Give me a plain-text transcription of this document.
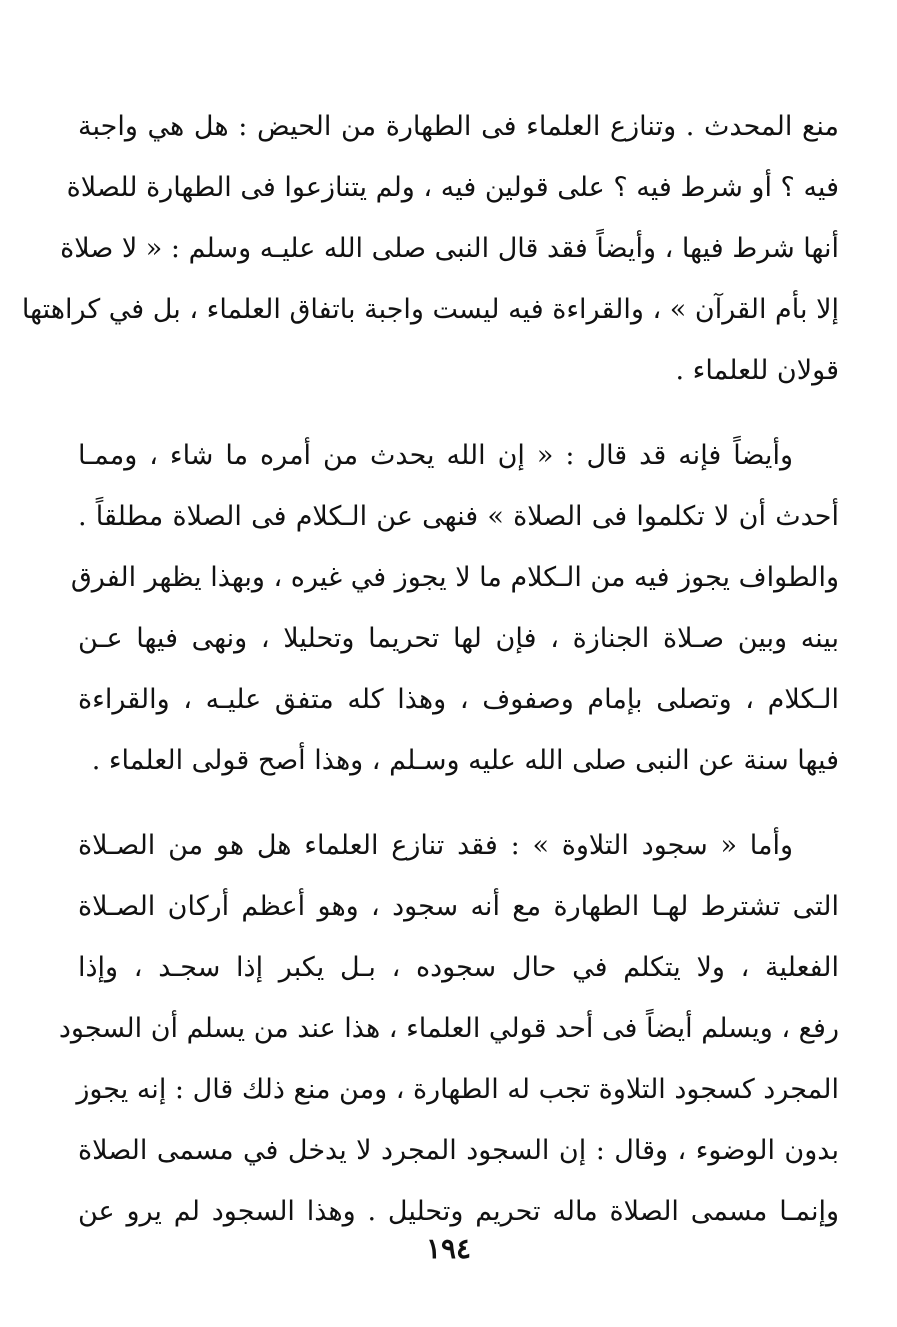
منع المحدث . وتنازع العلماء فى الطهارة من الحيض : هل هي واجبة
فيه ؟ أو شرط فيه ؟ على قولين فيه ، ولم يتنازعوا فى الطهارة للصلاة
أنها شرط فيها ، وأيضاً فقد قال النبى صلى الله عليـه وسلم : « لا صلاة
إلا بأم القرآن » ، والقراءة فيه ليست واجبة باتفاق العلماء ، بل في كراهتها
قولان للعلماء .

وأيضاً فإنه قد قال : « إن الله يحدث من أمره ما شاء ، وممـا
أحدث أن لا تكلموا فى الصلاة » فنهى عن الـكلام فى الصلاة مطلقاً .
والطواف يجوز فيه من الـكلام ما لا يجوز في غيره ، وبهذا يظهر الفرق
بينه وبين صـلاة الجنازة ، فإن لها تحريما وتحليلا ، ونهى فيها عـن
الـكلام ، وتصلى بإمام وصفوف ، وهذا كله متفق عليـه ، والقراءة
فيها سنة عن النبى صلى الله عليه وسـلم ، وهذا أصح قولى العلماء .

وأما « سجود التلاوة » : فقد تنازع العلماء هل هو من الصـلاة
التى تشترط لهـا الطهارة مع أنه سجود ، وهو أعظم أركان الصـلاة
الفعلية ، ولا يتكلم في حال سجوده ، بـل يكبر إذا سجـد ، وإذا
رفع ، ويسلم أيضاً فى أحد قولي العلماء ، هذا عند من يسلم أن السجود
المجرد كسجود التلاوة تجب له الطهارة ، ومن منع ذلك قال : إنه يجوز
بدون الوضوء ، وقال : إن السجود المجرد لا يدخل في مسمى الصلاة
وإنمـا مسمى الصلاة ماله تحريم وتحليل . وهذا السجود لم يرو عن

١٩٤
